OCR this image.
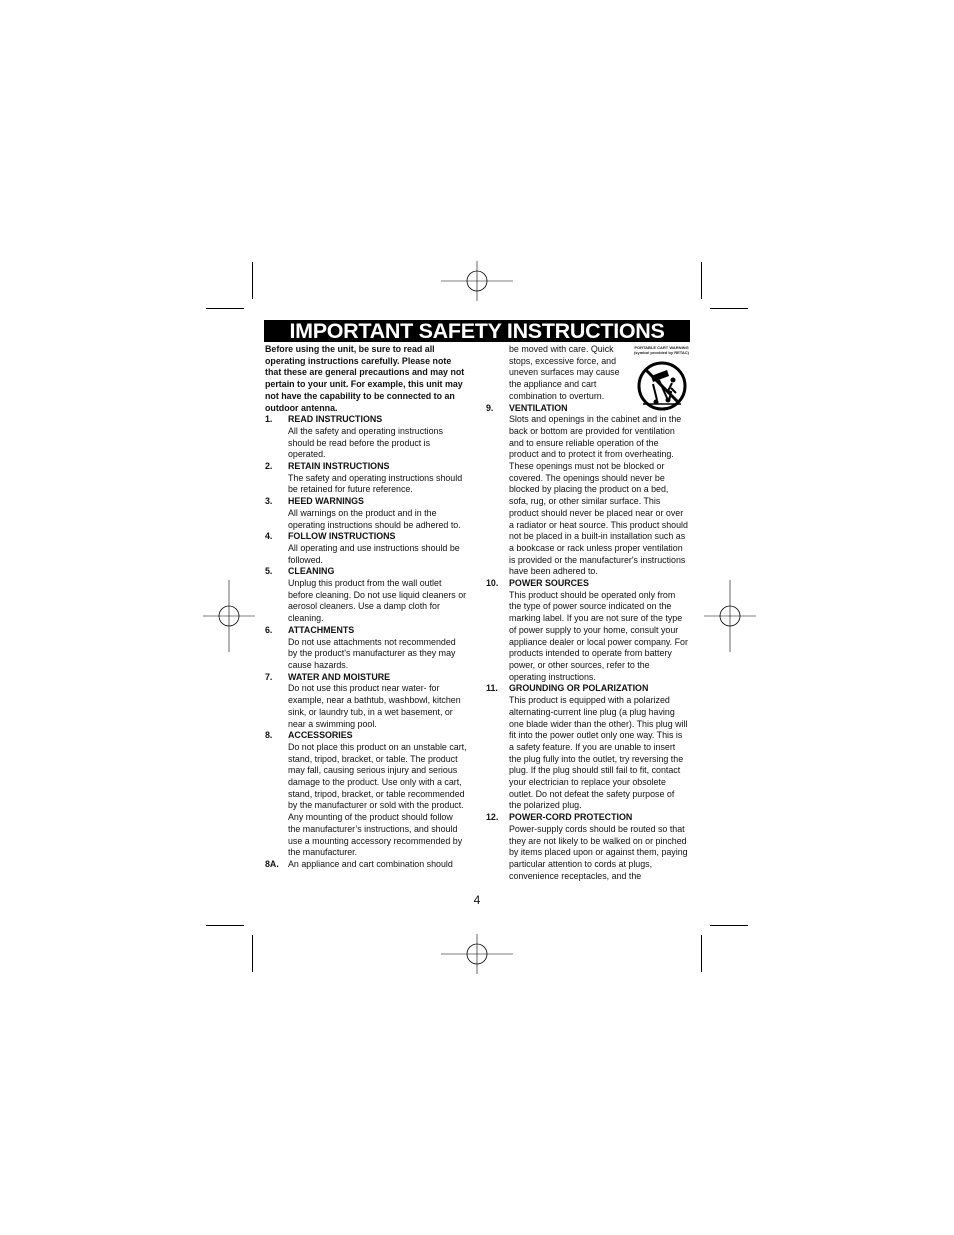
IMPORTANT SAFETY INSTRUCTIONS

Before using the unit, be sure to read all operating instructions carefully. Please note that these are general precautions and may not pertain to your unit. For example, this unit may not have the capability to be connected to an outdoor antenna.

1.	READ INSTRUCTIONS
All the safety and operating instructions should be read before the product is operated.
2.	RETAIN INSTRUCTIONS
The safety and operating instructions should be retained for future reference.
3.	HEED WARNINGS
All warnings on the product and in the operating instructions should be adhered to.
4.	FOLLOW INSTRUCTIONS
All operating and use instructions should be followed.
5.	CLEANING
Unplug this product from the wall outlet before cleaning. Do not use liquid cleaners or aerosol cleaners. Use a damp cloth for cleaning.
6.	ATTACHMENTS
Do not use attachments not recommended by the product's manufacturer as they may cause hazards.
7.	WATER AND MOISTURE
Do not use this product near water- for example, near a bathtub, washbowl, kitchen sink, or laundry tub, in a wet basement, or near a swimming pool.
8.	ACCESSORIES
Do not place this product on an unstable cart, stand, tripod, bracket, or table. The product may fall, causing serious injury and serious damage to the product. Use only with a cart, stand, tripod, bracket, or table recommended by the manufacturer or sold with the product. Any mounting of the product should follow the manufacturer’s instructions, and should use a mounting accessory recommended by the manufacturer.
8A.	An appliance and cart combination should
be moved with care. Quick stops, excessive force, and uneven surfaces may cause the appliance and cart combination to overturn.
9.	VENTILATION
Slots and openings in the cabinet and in the back or bottom are provided for ventilation and to ensure reliable operation of the product and to protect it from overheating. These openings must not be blocked or covered. The openings should never be blocked by placing the product on a bed, sofa, rug, or other similar surface. This product should never be placed near or over a radiator or heat source. This product should not be placed in a built-in installation such as a bookcase or rack unless proper ventilation is provided or the manufacturer's instructions have been adhered to.
10.	POWER SOURCES
This product should be operated only from the type of power source indicated on the marking label. If you are not sure of the type of power supply to your home, consult your appliance dealer or local power company. For products intended to operate from battery power, or other sources, refer to the operating instructions.
11.	GROUNDING OR POLARIZATION
This product is equipped with a polarized alternating-current line plug (a plug having one blade wider than the other). This plug will fit into the power outlet only one way. This is a safety feature. If you are unable to insert the plug fully into the outlet, try reversing the plug. If the plug should still fail to fit, contact your electrician to replace your obsolete outlet. Do not defeat the safety purpose of the polarized plug.
12.	POWER-CORD PROTECTION
Power-supply cords should be routed so that they are not likely to be walked on or pinched by items placed upon or against them, paying particular attention to cords at plugs, convenience receptacles, and the
PORTABLE CART WARNING
(symbol provided by RETAC)
4
